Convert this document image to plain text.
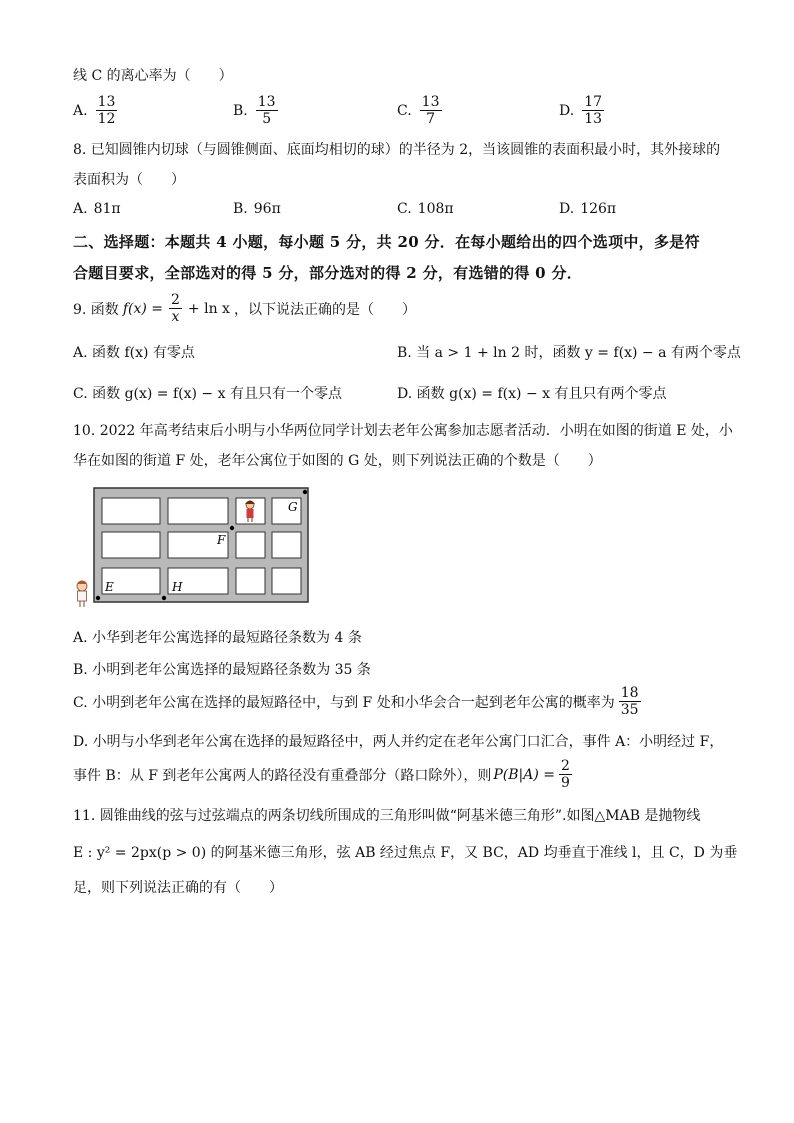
线 C 的离心率为（　　）
A. $\frac{13}{12}$	B. $\frac{13}{5}$	C. $\frac{13}{7}$	D. $\frac{17}{13}$
8. 已知圆锥内切球（与圆锥侧面、底面均相切的球）的半径为 2，当该圆锥的表面积最小时，其外接球的
表面积为（　　）
A. 81π	B. 96π	C. 108π	D. 126π
二、选择题：本题共 4 小题，每小题 5 分，共 20 分．在每小题给出的四个选项中，多是符
合题目要求，全部选对的得 5 分，部分选对的得 2 分，有选错的得 0 分．
9. 函数 $f(x) = \frac{2}{x} + \ln x$ ，以下说法正确的是（　　）
A. 函数 f(x) 有零点	B. 当 a > 1 + ln 2 时，函数 y = f(x) − a 有两个零点
C. 函数 g(x) = f(x) − x 有且只有一个零点	D. 函数 g(x) = f(x) − x 有且只有两个零点
10. 2022 年高考结束后小明与小华两位同学计划去老年公寓参加志愿者活动．小明在如图的街道 E 处，小
华在如图的街道 F 处，老年公寓位于如图的 G 处，则下列说法正确的个数是（　　）
E	H
F
G
A. 小华到老年公寓选择的最短路径条数为 4 条
B. 小明到老年公寓选择的最短路径条数为 35 条
C. 小明到老年公寓在选择的最短路径中，与到 F 处和小华会合一起到老年公寓的概率为 $\frac{18}{35}$
D. 小明与小华到老年公寓在选择的最短路径中，两人并约定在老年公寓门口汇合，事件 A：小明经过 F，
事件 B：从 F 到老年公寓两人的路径没有重叠部分（路口除外），则 $P(B|A) = \frac{2}{9}$
11. 圆锥曲线的弦与过弦端点的两条切线所围成的三角形叫做“阿基米德三角形”.如图△MAB 是抛物线
E : y² = 2px(p > 0) 的阿基米德三角形，弦 AB 经过焦点 F，又 BC，AD 均垂直于准线 l，且 C，D 为垂
足，则下列说法正确的有（　　）
